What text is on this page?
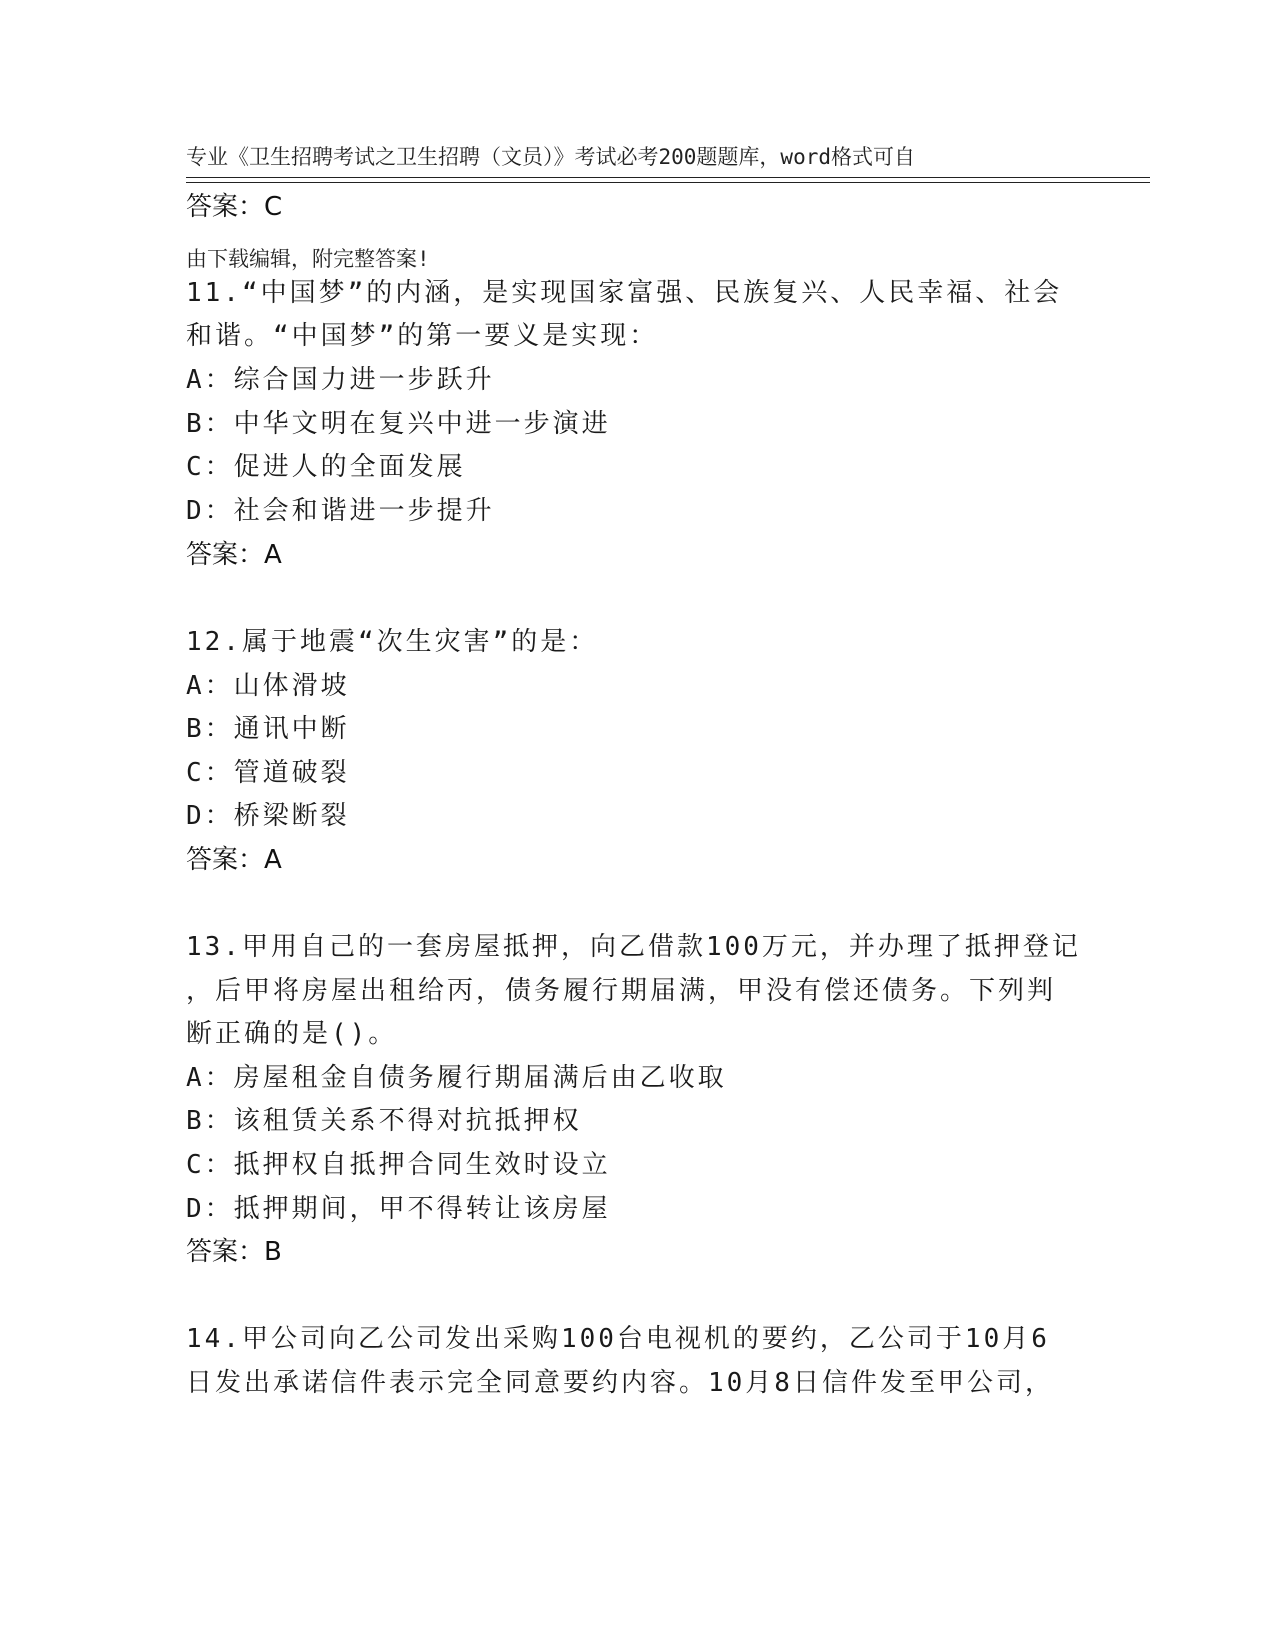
专业《卫生招聘考试之卫生招聘（文员）》考试必考200题题库，word格式可自

由下载编辑，附完整答案!

答案：C
11.“中国梦”的内涵，是实现国家富强、民族复兴、人民幸福、社会
和谐。“中国梦”的第一要义是实现：
A：综合国力进一步跃升
B：中华文明在复兴中进一步演进
C：促进人的全面发展
D：社会和谐进一步提升
答案：A
12.属于地震“次生灾害”的是：
A：山体滑坡
B：通讯中断
C：管道破裂
D：桥梁断裂
答案：A
13.甲用自己的一套房屋抵押，向乙借款100万元，并办理了抵押登记
，后甲将房屋出租给丙，债务履行期届满，甲没有偿还债务。下列判
断正确的是()。
A：房屋租金自债务履行期届满后由乙收取
B：该租赁关系不得对抗抵押权
C：抵押权自抵押合同生效时设立
D：抵押期间，甲不得转让该房屋
答案：B
14.甲公司向乙公司发出采购100台电视机的要约，乙公司于10月6
日发出承诺信件表示完全同意要约内容。10月8日信件发至甲公司，
